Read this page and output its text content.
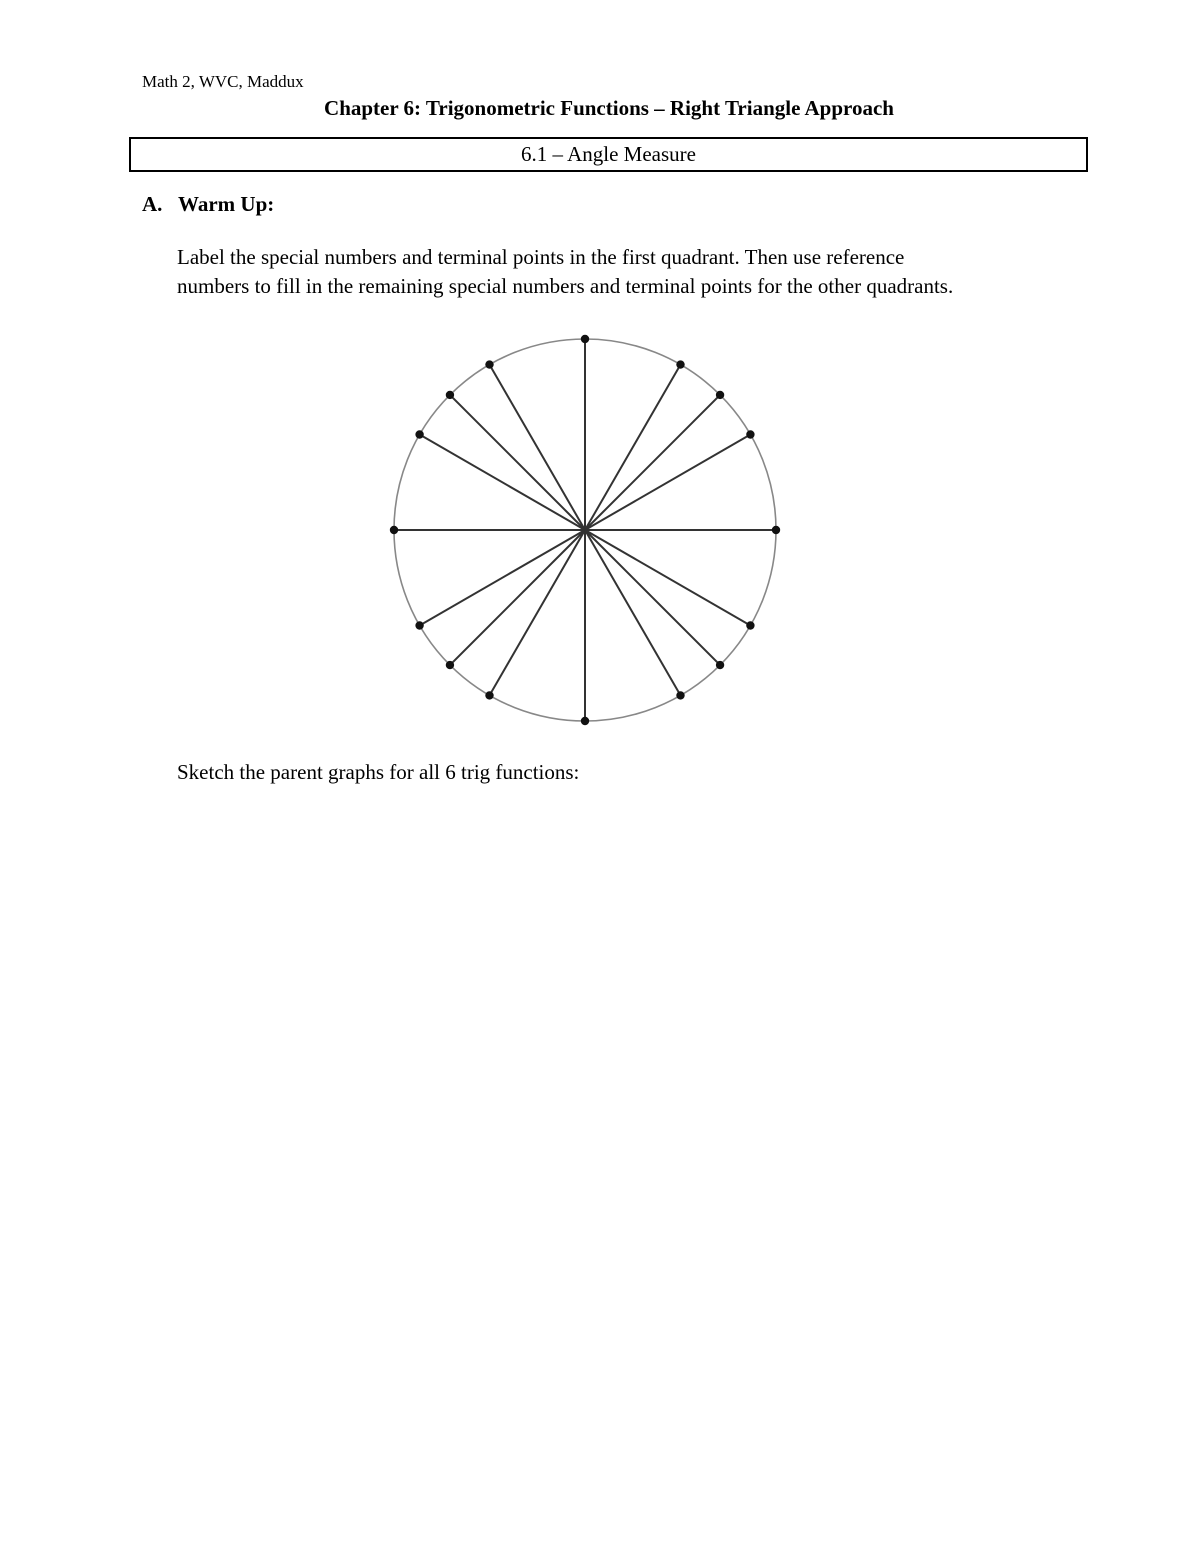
Math 2, WVC, Maddux
Chapter 6: Trigonometric Functions – Right Triangle Approach
6.1 – Angle Measure
A. Warm Up:

Label the special numbers and terminal points in the first quadrant. Then use reference

numbers to fill in the remaining special numbers and terminal points for the other quadrants.

Sketch the parent graphs for all 6 trig functions:
